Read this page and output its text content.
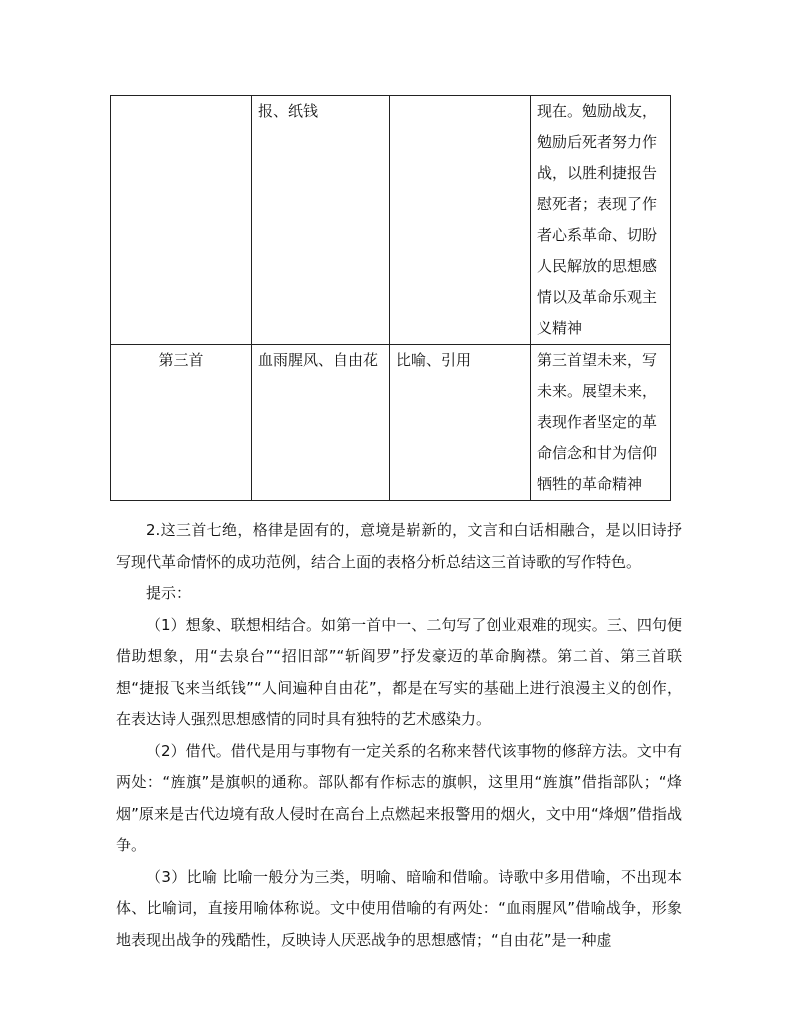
	报、纸钱		现在。勉励战友，勉励后死者努力作战，以胜利捷报告慰死者；表现了作者心系革命、切盼人民解放的思想感情以及革命乐观主义精神

第三首	血雨腥风、自由花	比喻、引用	第三首望未来，写未来。展望未来，表现作者坚定的革命信念和甘为信仰牺牲的革命精神

2.这三首七绝，格律是固有的，意境是崭新的，文言和白话相融合，是以旧诗抒写现代革命情怀的成功范例，结合上面的表格分析总结这三首诗歌的写作特色。

提示：

（1）想象、联想相结合。如第一首中一、二句写了创业艰难的现实。三、四句便借助想象，用“去泉台”“招旧部”“斩阎罗”抒发豪迈的革命胸襟。第二首、第三首联想“捷报飞来当纸钱”“人间遍种自由花”，都是在写实的基础上进行浪漫主义的创作，在表达诗人强烈思想感情的同时具有独特的艺术感染力。

（2）借代。借代是用与事物有一定关系的名称来替代该事物的修辞方法。文中有两处：“旌旗”是旗帜的通称。部队都有作标志的旗帜，这里用“旌旗”借指部队；“烽烟”原来是古代边境有敌人侵时在高台上点燃起来报警用的烟火，文中用“烽烟”借指战争。

（3）比喻 比喻一般分为三类，明喻、暗喻和借喻。诗歌中多用借喻，不出现本体、比喻词，直接用喻体称说。文中使用借喻的有两处：“血雨腥风”借喻战争，形象地表现出战争的残酷性，反映诗人厌恶战争的思想感情；“自由花”是一种虚
